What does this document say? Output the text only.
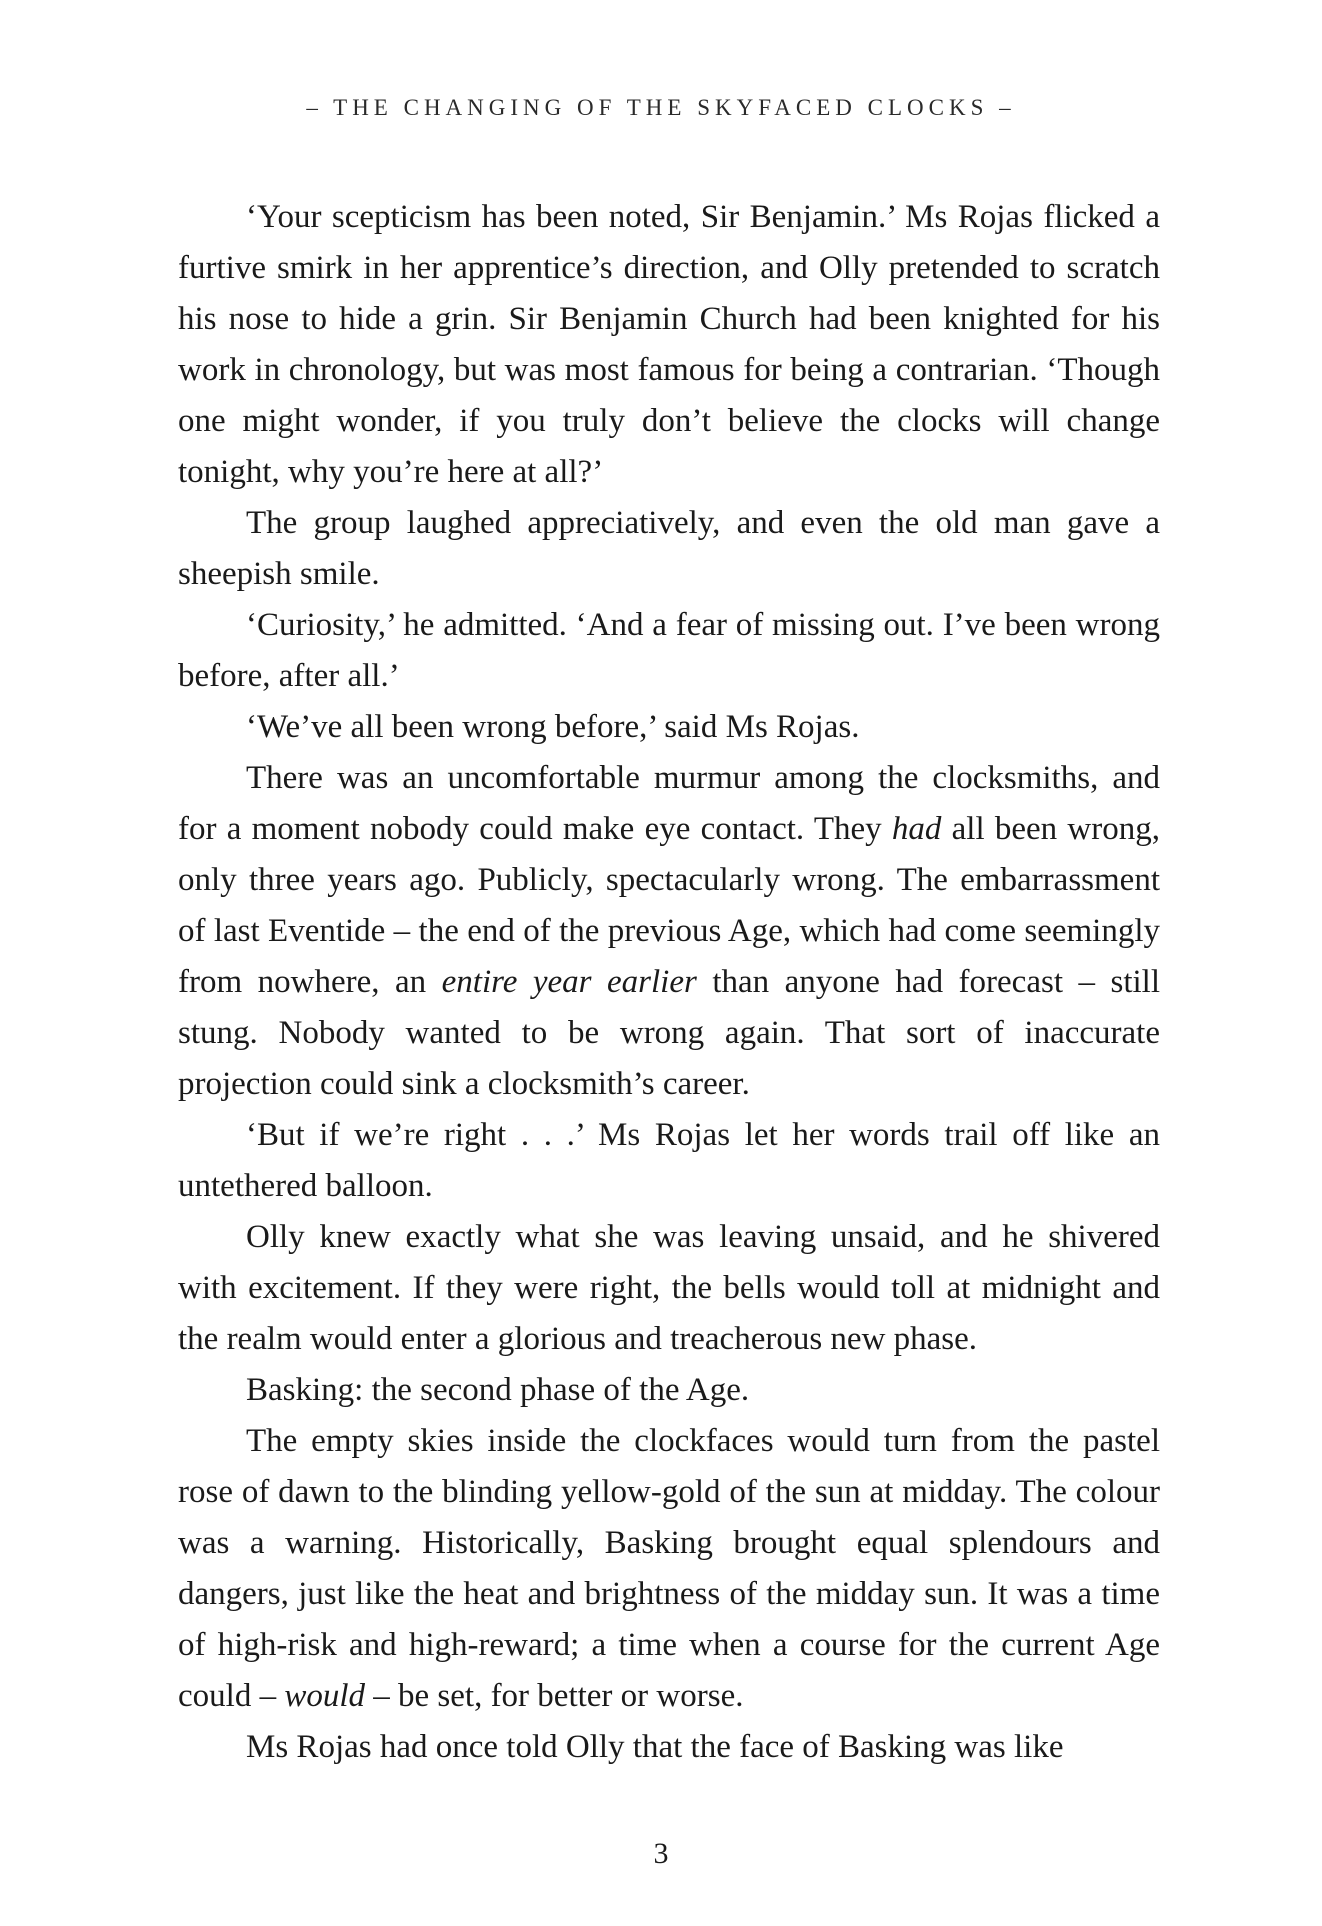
– THE CHANGING OF THE SKYFACED CLOCKS –

‘Your scepticism has been noted, Sir Benjamin.’ Ms Rojas flicked a furtive smirk in her apprentice’s direction, and Olly pretended to scratch his nose to hide a grin. Sir Benjamin Church had been knighted for his work in chronology, but was most famous for being a contrarian. ‘Though one might wonder, if you truly don’t believe the clocks will change tonight, why you’re here at all?’

The group laughed appreciatively, and even the old man gave a sheepish smile.

‘Curiosity,’ he admitted. ‘And a fear of missing out. I’ve been wrong before, after all.’

‘We’ve all been wrong before,’ said Ms Rojas.

There was an uncomfortable murmur among the clocksmiths, and for a moment nobody could make eye contact. They had all been wrong, only three years ago. Publicly, spectacularly wrong. The embarrassment of last Eventide – the end of the previous Age, which had come seemingly from nowhere, an entire year earlier than anyone had forecast – still stung. Nobody wanted to be wrong again. That sort of inaccurate projection could sink a clocksmith’s career.

‘But if we’re right . . .’ Ms Rojas let her words trail off like an untethered balloon.

Olly knew exactly what she was leaving unsaid, and he shivered with excitement. If they were right, the bells would toll at midnight and the realm would enter a glorious and treacherous new phase.

Basking: the second phase of the Age.

The empty skies inside the clockfaces would turn from the pastel rose of dawn to the blinding yellow-gold of the sun at midday. The colour was a warning. Historically, Basking brought equal splendours and dangers, just like the heat and brightness of the midday sun. It was a time of high-risk and high-reward; a time when a course for the current Age could – would – be set, for better or worse.

Ms Rojas had once told Olly that the face of Basking was like

3
